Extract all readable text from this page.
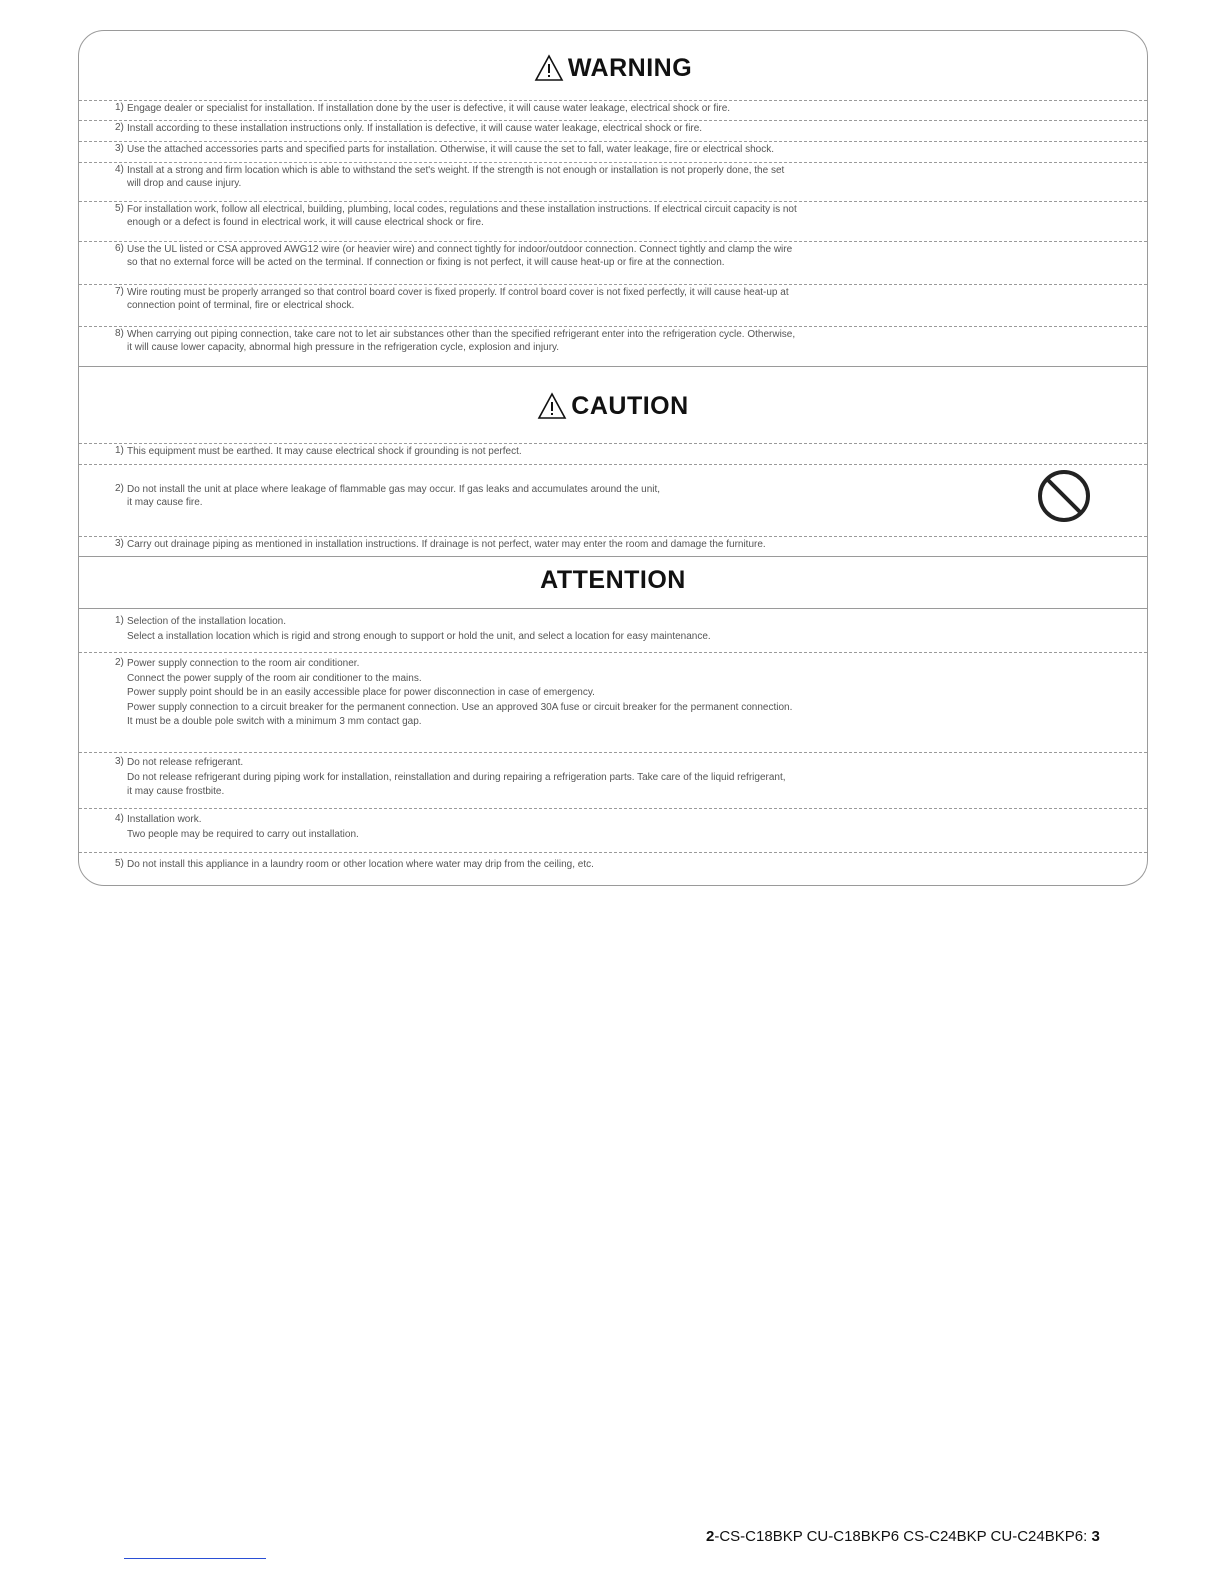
WARNING
1) Engage dealer or specialist for installation. If installation done by the user is defective, it will cause water leakage, electrical shock or fire.
2) Install according to these installation instructions only. If installation is defective, it will cause water leakage, electrical shock or fire.
3) Use the attached accessories parts and specified parts for installation. Otherwise, it will cause the set to fall, water leakage, fire or electrical shock.
4) Install at a strong and firm location which is able to withstand the set's weight. If the strength is not enough or installation is not properly done, the set
will drop and cause injury.
5) For installation work, follow all electrical, building, plumbing, local codes, regulations and these installation instructions. If electrical circuit capacity is not
enough or a defect is found in electrical work, it will cause electrical shock or fire.
6) Use the UL listed or CSA approved AWG12 wire (or heavier wire) and connect tightly for indoor/outdoor connection. Connect tightly and clamp the wire
so that no external force will be acted on the terminal. If connection or fixing is not perfect, it will cause heat-up or fire at the connection.
7) Wire routing must be properly arranged so that control board cover is fixed properly. If control board cover is not fixed perfectly, it will cause heat-up at
connection point of terminal, fire or electrical shock.
8) When carrying out piping connection, take care not to let air substances other than the specified refrigerant enter into the refrigeration cycle. Otherwise,
it will cause lower capacity, abnormal high pressure in the refrigeration cycle, explosion and injury.
CAUTION
1) This equipment must be earthed. It may cause electrical shock if grounding is not perfect.
2) Do not install the unit at place where leakage of flammable gas may occur. If gas leaks and accumulates around the unit,
it may cause fire.
3) Carry out drainage piping as mentioned in installation instructions. If drainage is not perfect, water may enter the room and damage the furniture.
ATTENTION
1) Selection of the installation location.
Select a installation location which is rigid and strong enough to support or hold the unit, and select a location for easy maintenance.
2) Power supply connection to the room air conditioner.
Connect the power supply of the room air conditioner to the mains.
Power supply point should be in an easily accessible place for power disconnection in case of emergency.
Power supply connection to a circuit breaker for the permanent connection. Use an approved 30A fuse or circuit breaker for the permanent connection.
It must be a double pole switch with a minimum 3 mm contact gap.
3) Do not release refrigerant.
Do not release refrigerant during piping work for installation, reinstallation and during repairing a refrigeration parts. Take care of the liquid refrigerant,
it may cause frostbite.
4) Installation work.
Two people may be required to carry out installation.
5) Do not install this appliance in a laundry room or other location where water may drip from the ceiling, etc.
2-CS-C18BKP CU-C18BKP6 CS-C24BKP CU-C24BKP6: 3
